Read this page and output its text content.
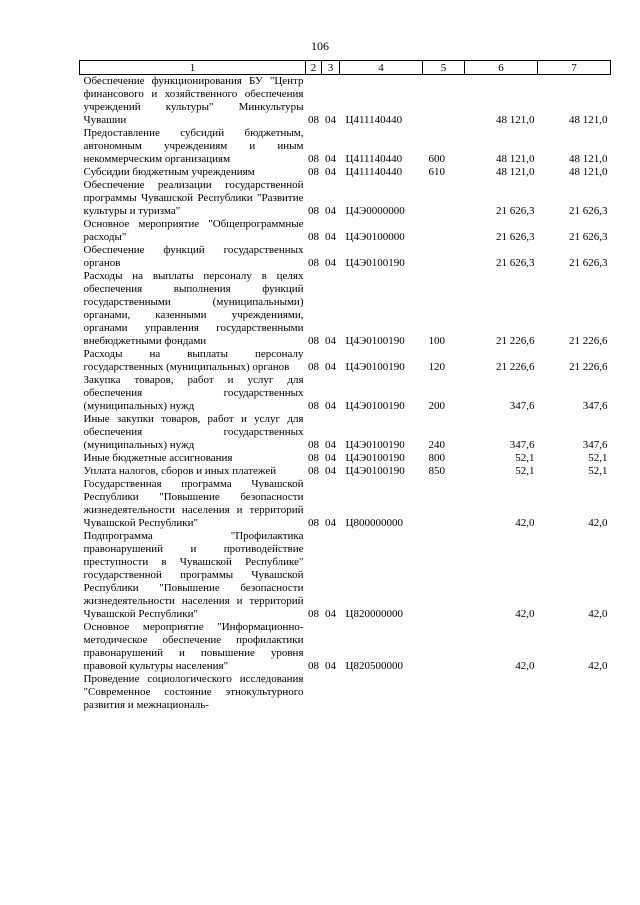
106
1	2	3	4	5	6	7
Обеспечение функционирования БУ "Центр финансового и хозяйственного обеспечения учреждений культуры" Минкультуры Чувашии	08	04	Ц411140440		48 121,0	48 121,0
Предоставление субсидий бюджетным, автономным учреждениям и иным некоммерческим организациям	08	04	Ц411140440	600	48 121,0	48 121,0
Субсидии бюджетным учреждениям	08	04	Ц411140440	610	48 121,0	48 121,0
Обеспечение реализации государственной программы Чувашской Республики "Развитие культуры и туризма"	08	04	Ц4Э0000000		21 626,3	21 626,3
Основное мероприятие "Общепрограммные расходы"	08	04	Ц4Э0100000		21 626,3	21 626,3
Обеспечение функций государственных органов	08	04	Ц4Э0100190		21 626,3	21 626,3
Расходы на выплаты персоналу в целях обеспечения выполнения функций государственными (муниципальными) органами, казенными учреждениями, органами управления государственными внебюджетными фондами	08	04	Ц4Э0100190	100	21 226,6	21 226,6
Расходы на выплаты персоналу государственных (муниципальных) органов	08	04	Ц4Э0100190	120	21 226,6	21 226,6
Закупка товаров, работ и услуг для обеспечения государственных (муниципальных) нужд	08	04	Ц4Э0100190	200	347,6	347,6
Иные закупки товаров, работ и услуг для обеспечения государственных (муниципальных) нужд	08	04	Ц4Э0100190	240	347,6	347,6
Иные бюджетные ассигнования	08	04	Ц4Э0100190	800	52,1	52,1
Уплата налогов, сборов и иных платежей	08	04	Ц4Э0100190	850	52,1	52,1
Государственная программа Чувашской Республики "Повышение безопасности жизнедеятельности населения и территорий Чувашской Республики"	08	04	Ц800000000		42,0	42,0
Подпрограмма "Профилактика правонарушений и противодействие преступности в Чувашской Республике" государственной программы Чувашской Республики "Повышение безопасности жизнедеятельности населения и территорий Чувашской Республики"	08	04	Ц820000000		42,0	42,0
Основное мероприятие "Информационно-методическое обеспечение профилактики правонарушений и повышение уровня правовой культуры населения"	08	04	Ц820500000		42,0	42,0
Проведение социологического исследования "Современное состояние этнокультурного развития и межнациональ-						
